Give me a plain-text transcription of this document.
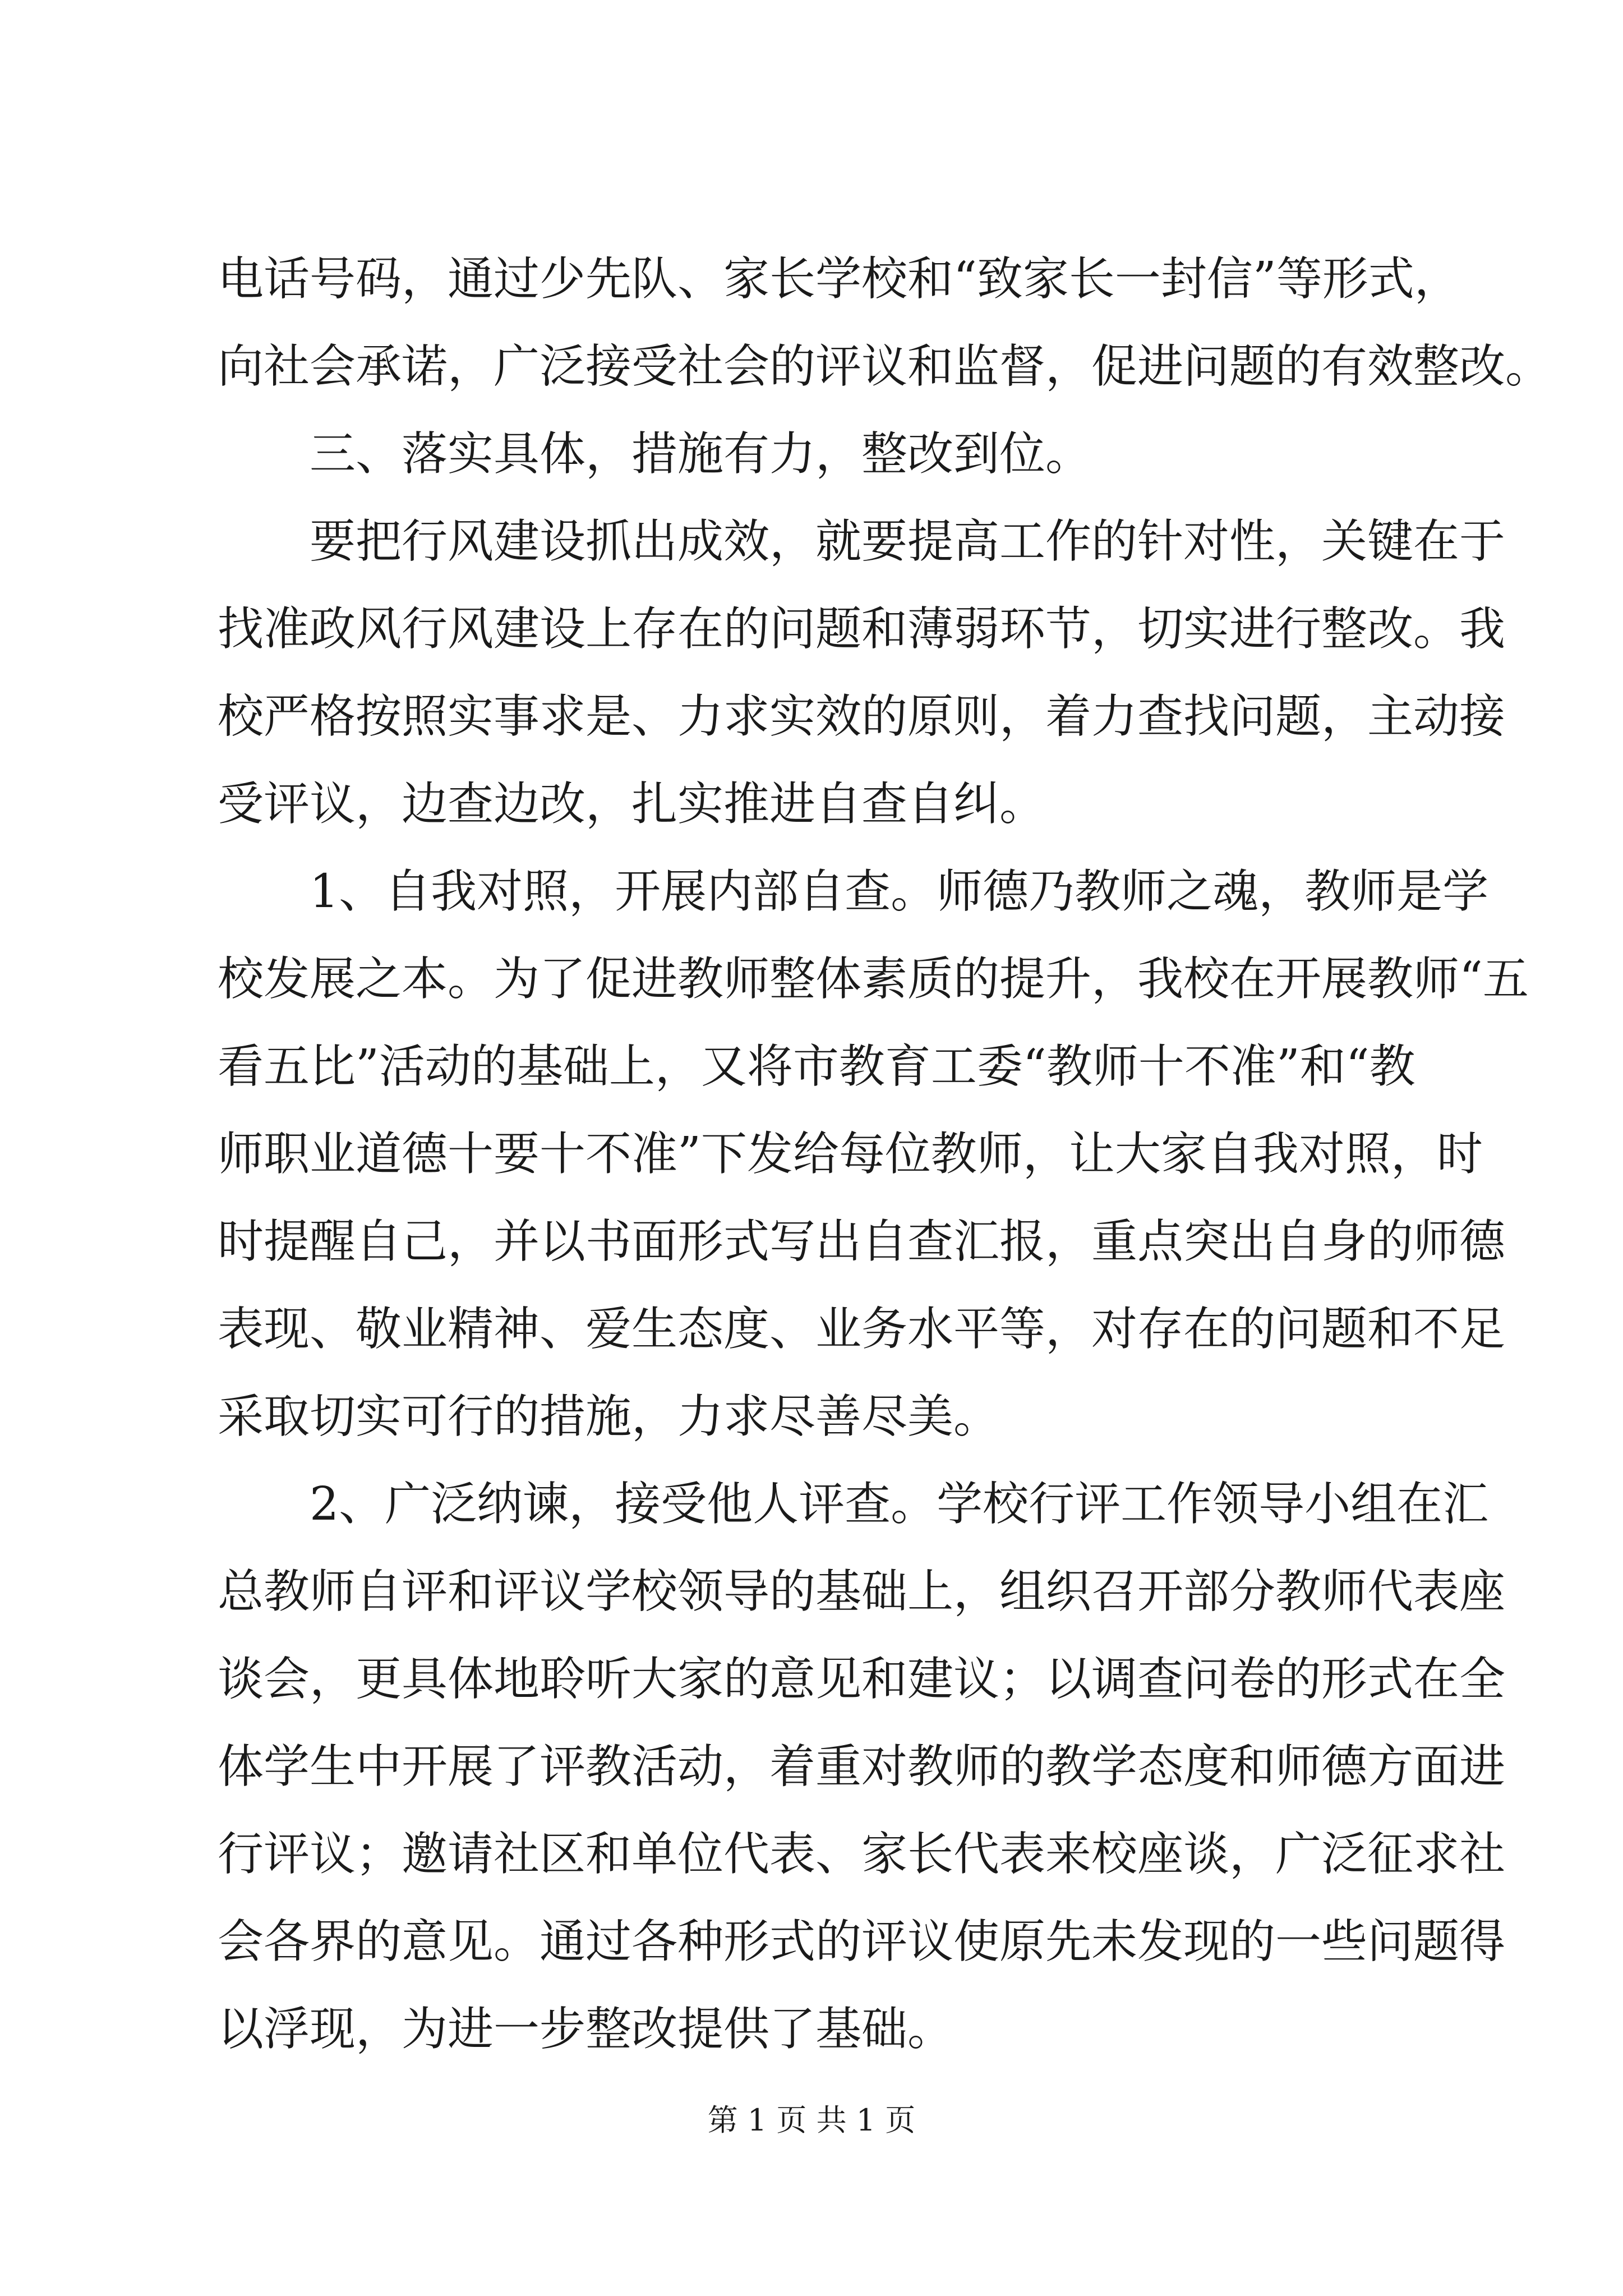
电话号码，通过少先队、家长学校和“致家长一封信”等形式，
向社会承诺，广泛接受社会的评议和监督，促进问题的有效整改。
　　三、落实具体，措施有力，整改到位。
　　要把行风建设抓出成效，就要提高工作的针对性，关键在于
找准政风行风建设上存在的问题和薄弱环节，切实进行整改。我
校严格按照实事求是、力求实效的原则，着力查找问题，主动接
受评议，边查边改，扎实推进自查自纠。
　　1、自我对照，开展内部自查。师德乃教师之魂，教师是学
校发展之本。为了促进教师整体素质的提升，我校在开展教师“五
看五比”活动的基础上，又将市教育工委“教师十不准”和“教
师职业道德十要十不准”下发给每位教师，让大家自我对照，时
时提醒自己，并以书面形式写出自查汇报，重点突出自身的师德
表现、敬业精神、爱生态度、业务水平等，对存在的问题和不足
采取切实可行的措施，力求尽善尽美。
　　2、广泛纳谏，接受他人评查。学校行评工作领导小组在汇
总教师自评和评议学校领导的基础上，组织召开部分教师代表座
谈会，更具体地聆听大家的意见和建议；以调查问卷的形式在全
体学生中开展了评教活动，着重对教师的教学态度和师德方面进
行评议；邀请社区和单位代表、家长代表来校座谈，广泛征求社
会各界的意见。通过各种形式的评议使原先未发现的一些问题得
以浮现，为进一步整改提供了基础。
第 1 页 共 1 页
